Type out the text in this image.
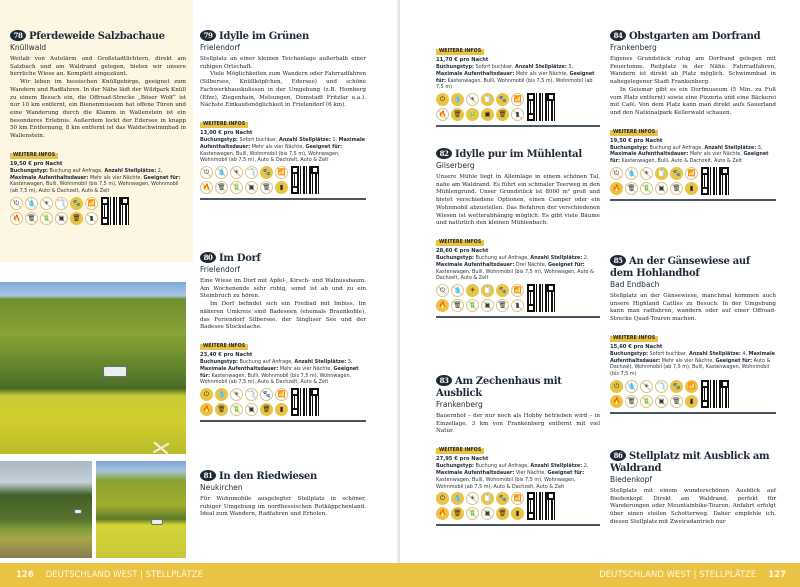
78 Pferdeweide Salzbachaue
Knüllwald

Weitab von Autolärm und Großstadtlichtern, direkt am Salzbach und am Waldrand gelegen, bieten wir unsere herrliche Wiese an. Komplett eingezäunt.

Wir leben im hessischen Knüllgebirge, geeignet zum Wandern und Radfahren. In der Nähe lädt der Wildpark Knüll zu einem Besuch ein, die Offroad-Strecke „Böser Wolf“ ist nur 10 km entfernt, ein Bienenmuseum hat offene Türen und eine Wanderung durch die Klamm in Wallenstein ist ein besonderes Erlebnis. Außerdem lockt der Edersee in knapp 50 km Entfernung, 8 km entfernt ist das Waldschwimmbad in Wallenstein.

WEITERE INFOS
19,50 € pro Nacht
Buchungstyp: Buchung auf Anfrage, Anzahl Stellplätze: 2, Maximale Aufenthaltsdauer: Mehr als vier Nächte, Geeignet für: Kastenwagen, Bulli, Wohnmobil (bis 7,5 m), Wohnwagen, Wohnmobil (ab 7,5 m), Auto & Dachzelt, Auto & Zelt
⏻	💧	☀	🧻	🐾	📶
🔥	🗑	🔋	▣	🗑	▮
79 Idylle im Grünen
Frielendorf

Stellplatz an einer kleinen Teichanlage außerhalb einer ruhigen Ortschaft.

Viele Möglichkeiten zum Wandern oder Fahrradfahren (Silbersee, Knüllköpfchen, Edersee) und schöne Fachwerkhauskulissen in der Umgebung (z.B. Homberg (Efze), Ziegenhain, Melsungen, Domstadt Fritzlar u.a.). Nächste Einkaufsmöglichkeit in Frielendorf (6 km).

WEITERE INFOS
13,00 € pro Nacht
Buchungstyp: Sofort buchbar, Anzahl Stellplätze: 1, Maximale Aufenthaltsdauer: Mehr als vier Nächte, Geeignet für: Kastenwagen, Bulli, Wohnmobil (bis 7,5 m), Wohnwagen, Wohnmobil (ab 7,5 m), Auto & Dachzelt, Auto & Zelt
⏻	💧	☀	🧻	🐾	📶
🔥	🗑	🔋	▣	🗑	▮
80 Im Dorf
Frielendorf

Eine Wiese im Dorf mit Apfel-, Kirsch- und Walnussbaum. Am Wochenende sehr ruhig, sonst ist ab und zu ein Steinbruch zu hören.

Im Dorf befindet sich ein Freibad mit Imbiss. Im näheren Umkreis sind Badeseen (ehemals Braunkohle), das Feriendorf Silbersee, der Singliser See und der Badesee Stockelache.

WEITERE INFOS
23,40 € pro Nacht
Buchungstyp: Buchung auf Anfrage, Anzahl Stellplätze: 3, Maximale Aufenthaltsdauer: Mehr als vier Nächte, Geeignet für: Kastenwagen, Bulli, Wohnmobil (bis 7,5 m), Wohnwagen, Wohnmobil (ab 7,5 m), Auto & Dachzelt, Auto & Zelt
⏻	💧	☀	🧻	🐾	📶
🔥	🗑	🔋	▣	🗑	▮
81 In den Riedwiesen
Neukirchen

Für Wohnmobile ausgelegter Stellplatz in schöner, ruhiger Umgebung im nordhessischen Rotkäppchenland. Ideal zum Wandern, Radfahren und Erholen.

126 DEUTSCHLAND WEST | STELLPLÄTZE
WEITERE INFOS
11,70 € pro Nacht
Buchungstyp: Sofort buchbar, Anzahl Stellplätze: 3, Maximale Aufenthaltsdauer: Mehr als vier Nächte, Geeignet für: Kastenwagen, Bulli, Wohnmobil (bis 7,5 m), Wohnmobil (ab 7,5 m)
⏻	💧	☀	🧻	🐾	📶
🔥	🗑	🔋	▣	🗑	▮
82 Idylle pur im Mühlental
Gilserberg

Unsere Mühle liegt in Alleinlage in einem schönen Tal, nahe am Waldrand. Es führt ein schmaler Teerweg in den Mühlengrund. Unser Grundstück ist 8000 m² groß und bietet verschiedene Optionen, einen Camper oder ein Wohnmobil abzustellen. Das Befahren der verschiedenen Wiesen ist wetterabhängig möglich. Es gibt viele Bäume und natürlich den kleinen Mühlenbach.

WEITERE INFOS
28,60 € pro Nacht
Buchungstyp: Buchung auf Anfrage, Anzahl Stellplätze: 2, Maximale Aufenthaltsdauer: Drei Nächte, Geeignet für: Kastenwagen, Bulli, Wohnmobil (bis 7,5 m), Wohnwagen, Auto & Dachzelt, Auto & Zelt
⏻	💧	☀	🧻	🐾	📶
🔥	🗑	🔋	▣	🗑	▮
83 Am Zechenhaus mit Ausblick
Frankenberg

Bauernhof – der nur noch als Hobby betrieben wird – in Einzellage, 3 km von Frankenberg entfernt mit viel Natur.

WEITERE INFOS
27,95 € pro Nacht
Buchungstyp: Buchung auf Anfrage, Anzahl Stellplätze: 2, Maximale Aufenthaltsdauer: Vier Nächte, Geeignet für: Kastenwagen, Bulli, Wohnmobil (bis 7,5 m), Wohnwagen, Wohnmobil (ab 7,5 m), Auto & Dachzelt, Auto & Zelt
⏻	💧	☀	🧻	🐾	📶
🔥	🗑	🔋	▣	🗑	▮
84 Obstgarten am Dorfrand
Frankenberg

Eigenes Grundstück ruhig am Dorfrand gelegen mit Feuertonne. Reitplatz in der Nähe. Fahrradfahren, Wandern ist direkt ab Platz möglich. Schwimmbad in nahegelegener Stadt Frankenberg.

In Geismar gibt es ein Dorfmuseum (5 Min. zu Fuß vom Platz entfernt) sowie eine Pizzeria und eine Bäckerei mit Café. Von dem Platz kann man direkt aufs Sauerland und den Nationalpark Kellerwald schauen.

WEITERE INFOS
19,50 € pro Nacht
Buchungstyp: Buchung auf Anfrage, Anzahl Stellplätze: 3, Maximale Aufenthaltsdauer: Mehr als vier Nächte, Geeignet für: Kastenwagen, Bulli, Auto & Dachzelt, Auto & Zelt
⏻	💧	☀	🧻	🐾	📶
🔥	🗑	🔋	▣	🗑	▮
85 An der Gänsewiese auf dem Hohlandhof
Bad Endbach

Stellplatz an der Gänsewiese, manchmal kommen auch unsere Highland Cattles zu Besuch. In der Umgebung kann man radfahren, wandern oder auf einer Offroad-Strecke Quad-Touren machen.

WEITERE INFOS
15,60 € pro Nacht
Buchungstyp: Sofort buchbar, Anzahl Stellplätze: 4, Maximale Aufenthaltsdauer: Mehr als vier Nächte, Geeignet für: Auto & Dachzelt, Wohnmobil (ab 7,5 m), Bulli, Kastenwagen, Wohnmobil (bis 7,5 m)
⏻	💧	☀	🧻	🐾	📶
🔥	🗑	🔋	▣	🗑	▮
86 Stellplatz mit Ausblick am Waldrand
Biedenkopf

Stellplatz mit einem wunderschönen Ausblick auf Biedenkopf. Direkt am Waldrand, perfekt für Wanderungen oder Mountainbike-Touren. Anfahrt erfolgt über einen steilen Schotterweg. Daher empfehle ich, diesen Stellplatz mit Zweiradantrieb nur

DEUTSCHLAND WEST | STELLPLÄTZE 127
